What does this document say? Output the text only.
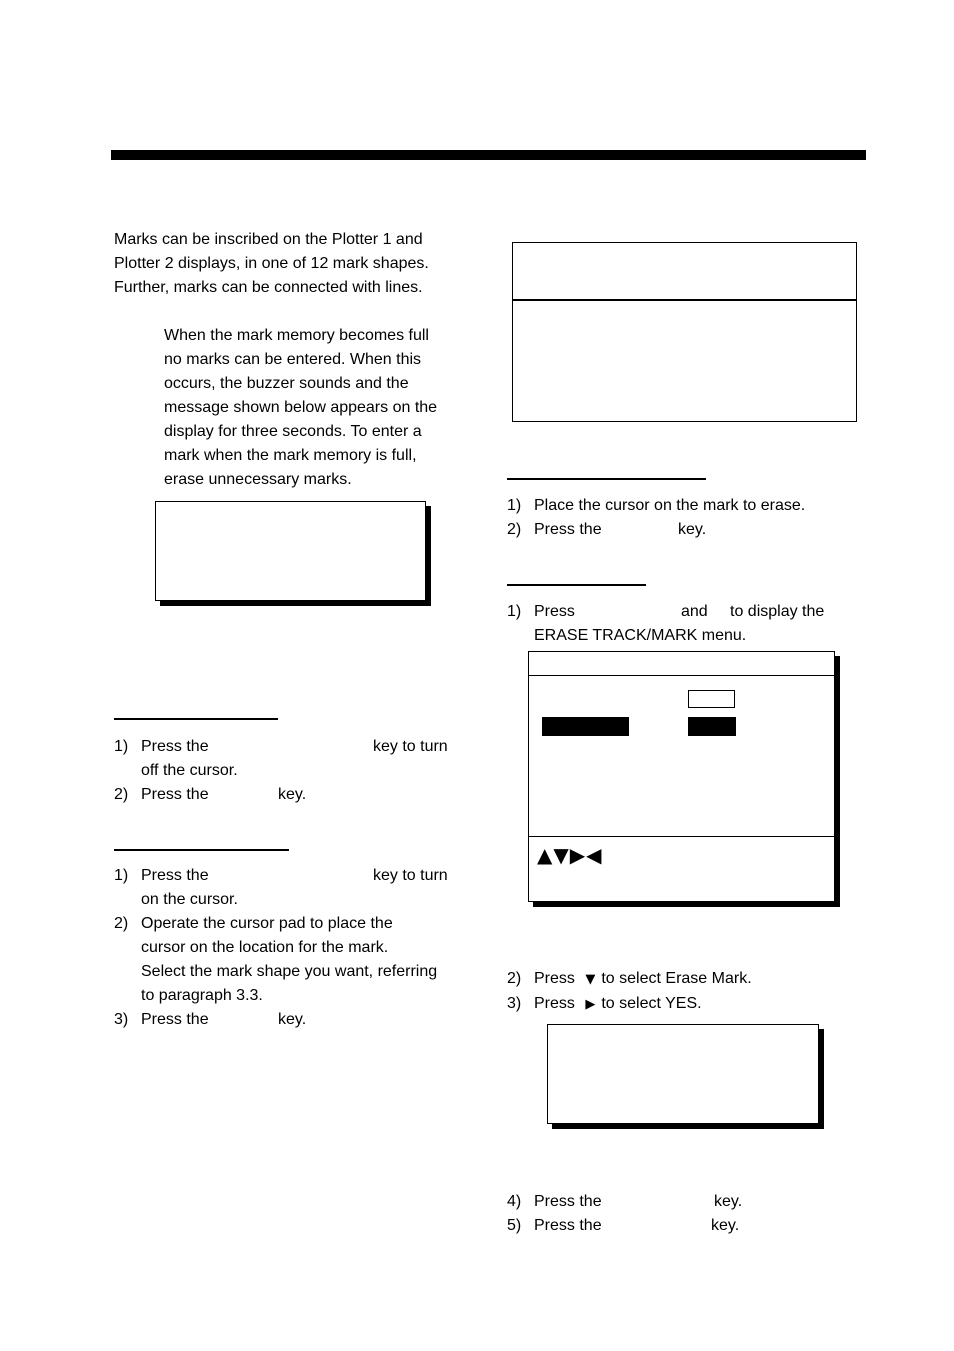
Marks can be inscribed on the Plotter 1 and
Plotter 2 displays, in one of 12 mark shapes.
Further, marks can be connected with lines.
When the mark memory becomes full
no marks can be entered. When this
occurs, the buzzer sounds and the
message shown below appears on the
display for three seconds. To enter a
mark when the mark memory is full,
erase unnecessary marks.
1) Press the	key to turn
off the cursor.
2) Press the	key.
1) Press the	key to turn
on the cursor.
2) Operate the cursor pad to place the
cursor on the location for the mark.
Select the mark shape you want, referring
to paragraph 3.3.
3) Press the	key.
1) Place the cursor on the mark to erase.
2) Press the	key.
1) Press	and to display the
ERASE TRACK/MARK menu.
▲▼▶◀
2) Press ▼ to select Erase Mark.
3) Press ▶ to select YES.
4) Press the	key.
5) Press the	key.
